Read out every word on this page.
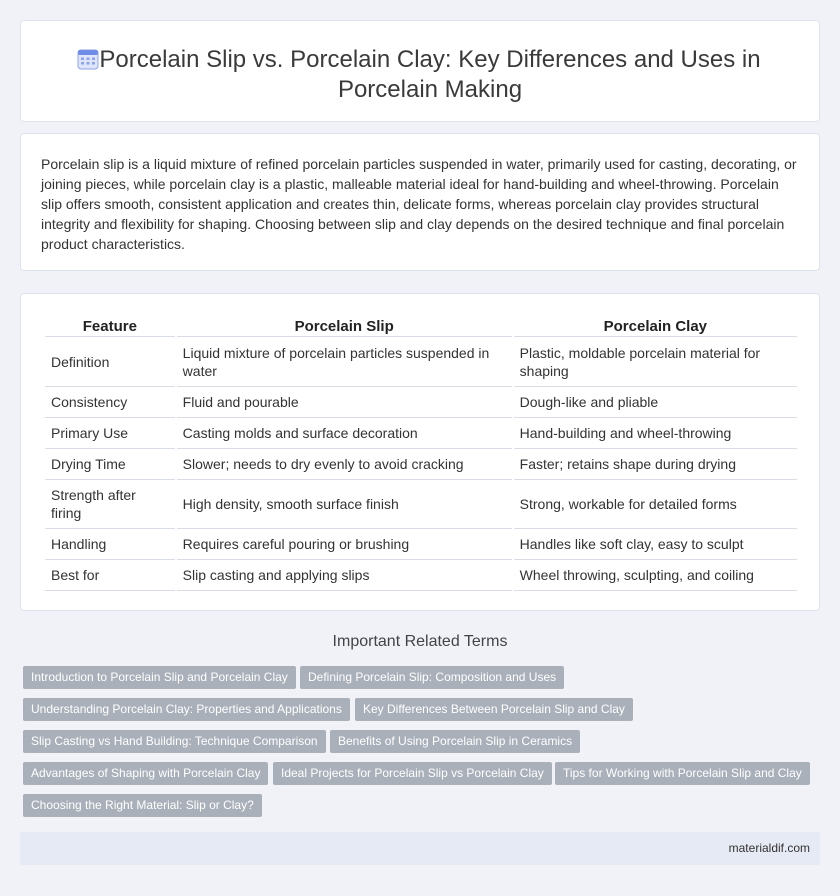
Porcelain Slip vs. Porcelain Clay: Key Differences and Uses in Porcelain Making

Porcelain slip is a liquid mixture of refined porcelain particles suspended in water, primarily used for casting, decorating, or joining pieces, while porcelain clay is a plastic, malleable material ideal for hand-building and wheel-throwing. Porcelain slip offers smooth, consistent application and creates thin, delicate forms, whereas porcelain clay provides structural integrity and flexibility for shaping. Choosing between slip and clay depends on the desired technique and final porcelain product characteristics.

Feature	Porcelain Slip	Porcelain Clay
Definition	Liquid mixture of porcelain particles suspended in water	Plastic, moldable porcelain material for shaping
Consistency	Fluid and pourable	Dough-like and pliable
Primary Use	Casting molds and surface decoration	Hand-building and wheel-throwing
Drying Time	Slower; needs to dry evenly to avoid cracking	Faster; retains shape during drying
Strength after firing	High density, smooth surface finish	Strong, workable for detailed forms
Handling	Requires careful pouring or brushing	Handles like soft clay, easy to sculpt
Best for	Slip casting and applying slips	Wheel throwing, sculpting, and coiling
Important Related Terms
Introduction to Porcelain Slip and Porcelain Clay	Defining Porcelain Slip: Composition and Uses
Understanding Porcelain Clay: Properties and Applications	Key Differences Between Porcelain Slip and Clay
Slip Casting vs Hand Building: Technique Comparison	Benefits of Using Porcelain Slip in Ceramics
Advantages of Shaping with Porcelain Clay	Ideal Projects for Porcelain Slip vs Porcelain Clay	Tips for Working with Porcelain Slip and Clay
Choosing the Right Material: Slip or Clay?
materialdif.com
